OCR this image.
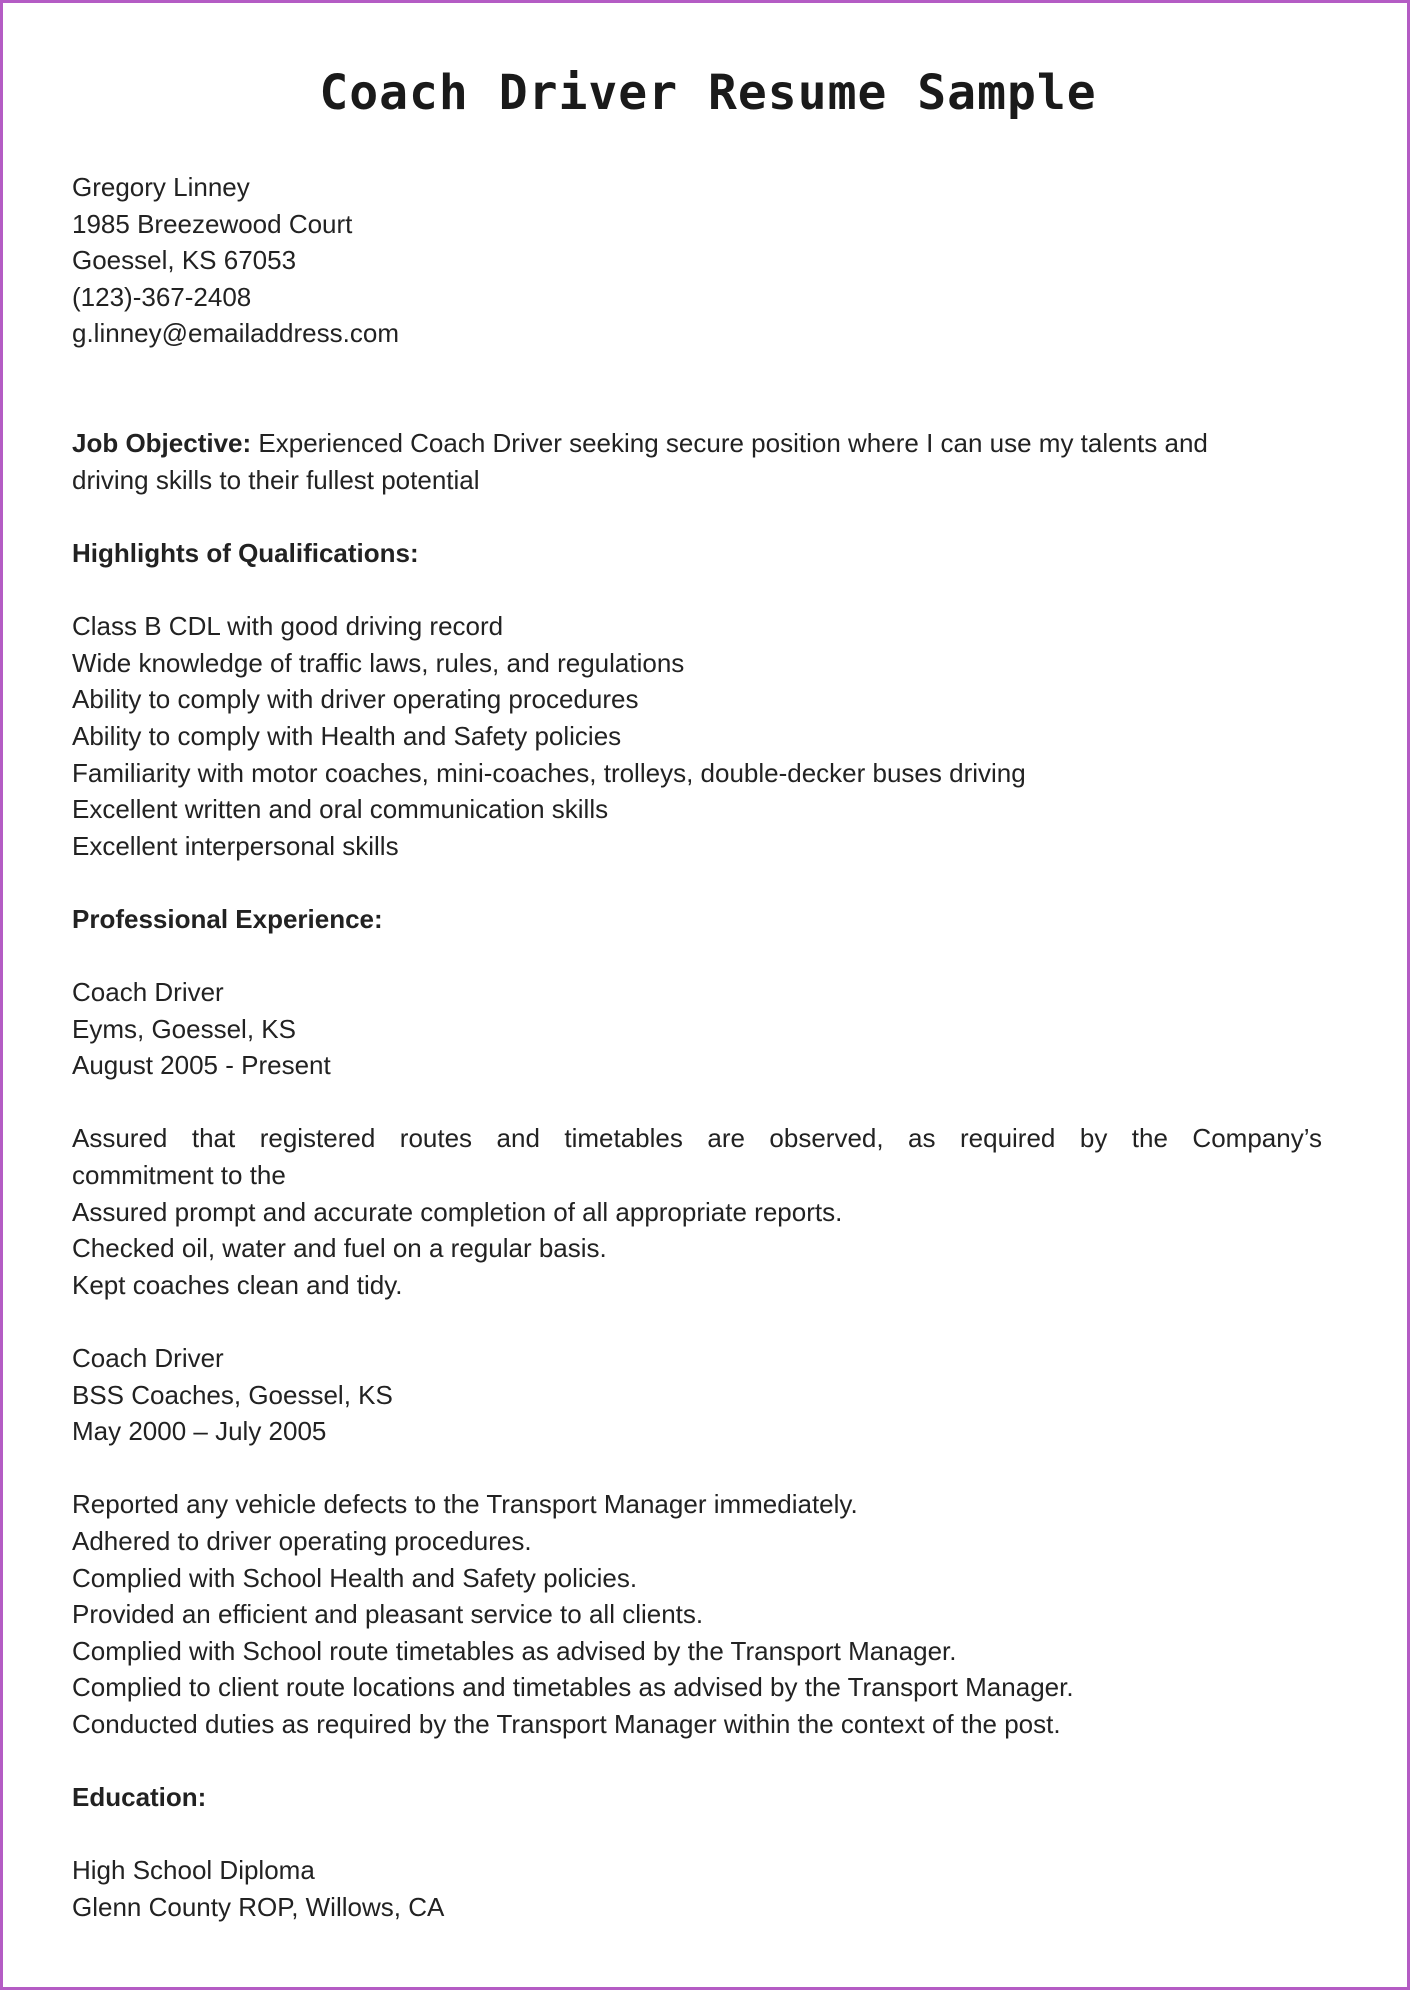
Coach Driver Resume Sample

Gregory Linney

1985 Breezewood Court

Goessel, KS 67053

(123)-367-2408

g.linney@emailaddress.com

Job Objective: Experienced Coach Driver seeking secure position where I can use my talents and

driving skills to their fullest potential

Highlights of Qualifications:

Class B CDL with good driving record

Wide knowledge of traffic laws, rules, and regulations

Ability to comply with driver operating procedures

Ability to comply with Health and Safety policies

Familiarity with motor coaches, mini-coaches, trolleys, double-decker buses driving

Excellent written and oral communication skills

Excellent interpersonal skills

Professional Experience:

Coach Driver

Eyms, Goessel, KS

August 2005 - Present

Assured that registered routes and timetables are observed, as required by the Company’s

commitment to the

Assured prompt and accurate completion of all appropriate reports.

Checked oil, water and fuel on a regular basis.

Kept coaches clean and tidy.

Coach Driver

BSS Coaches, Goessel, KS

May 2000 – July 2005

Reported any vehicle defects to the Transport Manager immediately.

Adhered to driver operating procedures.

Complied with School Health and Safety policies.

Provided an efficient and pleasant service to all clients.

Complied with School route timetables as advised by the Transport Manager.

Complied to client route locations and timetables as advised by the Transport Manager.

Conducted duties as required by the Transport Manager within the context of the post.

Education:

High School Diploma

Glenn County ROP, Willows, CA
